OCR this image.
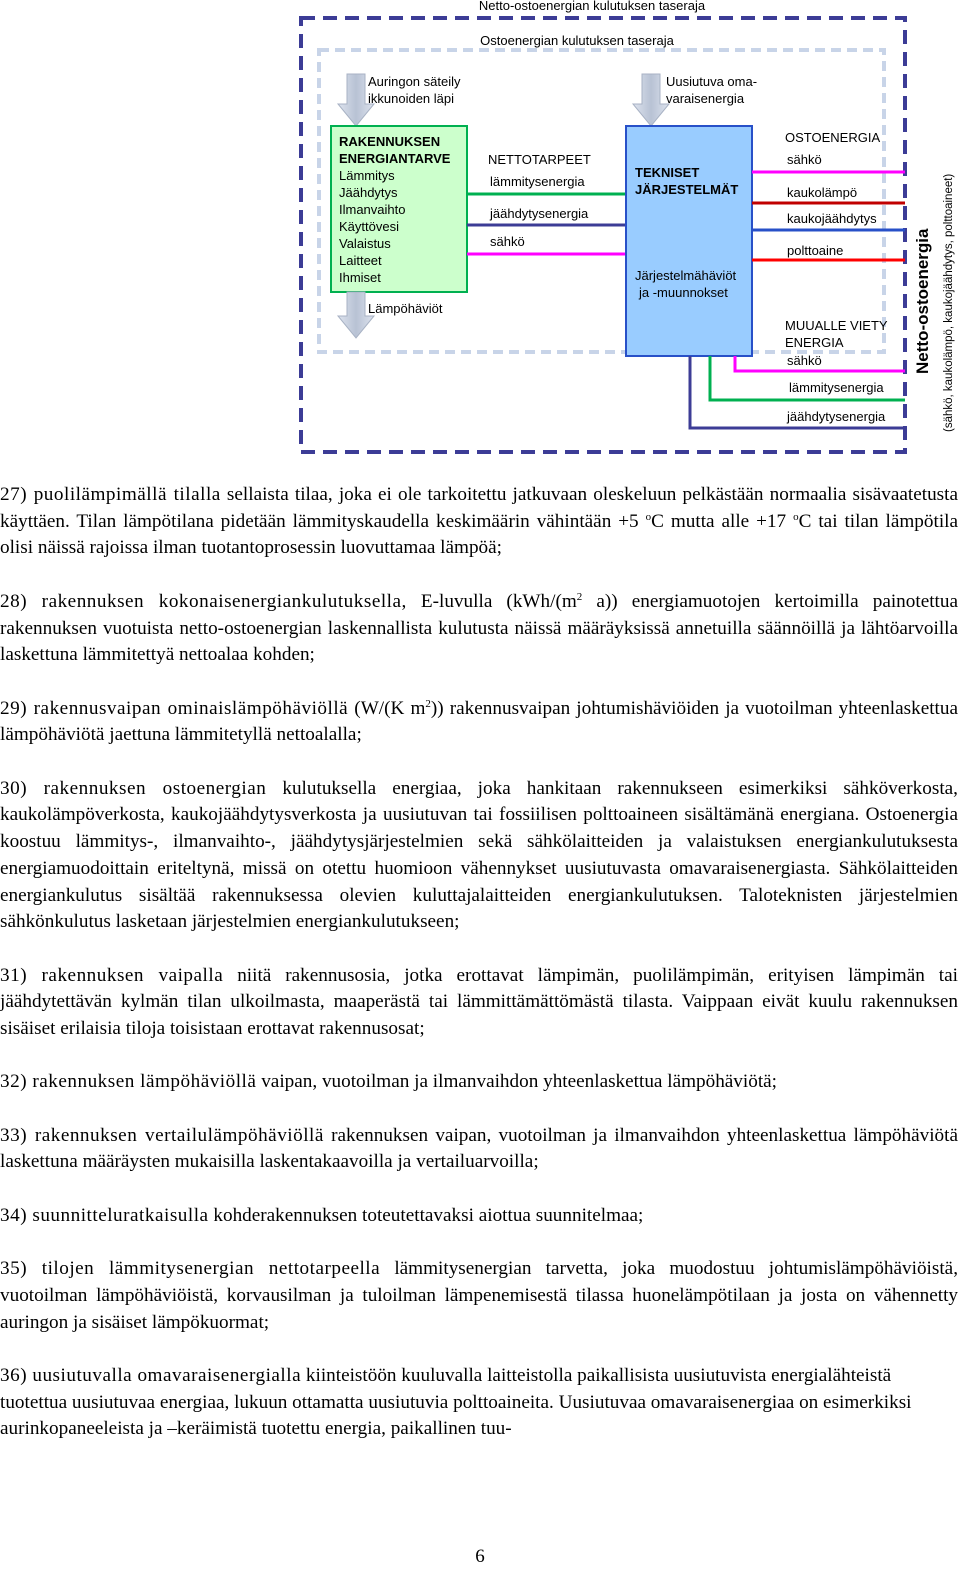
Netto-ostoenergian kulutuksen taseraja
Ostoenergian kulutuksen taseraja
Auringon säteily
ikkunoiden läpi
Uusiutuva oma-
varaisenergia
RAKENNUKSEN
ENERGIANTARVE
Lämmitys
Jäähdytys
Ilmanvaihto
Käyttövesi
Valaistus
Laitteet
Ihmiset
Lämpöhäviöt
NETTOTARPEET
lämmitysenergia
jäähdytysenergia
sähkö
TEKNISET
JÄRJESTELMÄT
Järjestelmähäviöt
ja -muunnokset
OSTOENERGIA
sähkö
kaukolämpö
kaukojäähdytys
polttoaine
MUUALLE VIETY
ENERGIA
sähkö
lämmitysenergia
jäähdytysenergia
Netto-ostoenergia (sähkö, kaukolämpö, kaukojäähdytys, polttoaineet)

27) puolilämpimällä tilalla sellaista tilaa, joka ei ole tarkoitettu jatkuvaan oleskeluun pelkästään normaalia sisävaatetusta käyttäen. Tilan lämpötilana pidetään lämmityskaudella keskimäärin vähintään +5 $^o$C mutta alle +17 $^o$C tai tilan lämpötila olisi näissä rajoissa ilman tuotantoprosessin luovuttamaa lämpöä;

28) rakennuksen kokonaisenergiankulutuksella, E-luvulla ($kWh/(m^2$ a)) energiamuotojen kertoimilla painotettua rakennuksen vuotuista netto-ostoenergian laskennallista kulutusta näissä määräyksissä annetuilla säännöillä ja lähtöarvoilla laskettuna lämmitettyä nettoalaa kohden;

29) rakennusvaipan ominaislämpöhäviöllä (W/(K $m^2$)) rakennusvaipan johtumishäviöiden ja vuotoilman yhteenlaskettua lämpöhäviötä jaettuna lämmitetyllä nettoalalla;

30) rakennuksen ostoenergian kulutuksella energiaa, joka hankitaan rakennukseen esimerkiksi sähköverkosta, kaukolämpöverkosta, kaukojäähdytysverkosta ja uusiutuvan tai fossiilisen polttoaineen sisältämänä energiana. Ostoenergia koostuu lämmitys-, ilmanvaihto-, jäähdytysjärjestelmien sekä sähkölaitteiden ja valaistuksen energiankulutuksesta energiamuodoittain eriteltynä, missä on otettu huomioon vähennykset uusiutuvasta omavaraisenergiasta. Sähkölaitteiden energiankulutus sisältää rakennuksessa olevien kuluttajalaitteiden energiankulutuksen. Taloteknisten järjestelmien sähkönkulutus lasketaan järjestelmien energiankulutukseen;

31) rakennuksen vaipalla niitä rakennusosia, jotka erottavat lämpimän, puolilämpimän, erityisen lämpimän tai jäähdytettävän kylmän tilan ulkoilmasta, maaperästä tai lämmittämättömästä tilasta. Vaippaan eivät kuulu rakennuksen sisäiset erilaisia tiloja toisistaan erottavat rakennusosat;

32) rakennuksen lämpöhäviöllä vaipan, vuotoilman ja ilmanvaihdon yhteenlaskettua lämpöhäviötä;

33) rakennuksen vertailulämpöhäviöllä rakennuksen vaipan, vuotoilman ja ilmanvaihdon yhteenlaskettua lämpöhäviötä laskettuna määräysten mukaisilla laskentakaavoilla ja vertailuarvoilla;

34) suunnitteluratkaisulla kohderakennuksen toteutettavaksi aiottua suunnitelmaa;

35) tilojen lämmitysenergian nettotarpeella lämmitysenergian tarvetta, joka muodostuu johtumislämpöhäviöistä, vuotoilman lämpöhäviöistä, korvausilman ja tuloilman lämpenemisestä tilassa huonelämpötilaan ja josta on vähennetty auringon ja sisäiset lämpökuormat;

36) uusiutuvalla omavaraisenergialla kiinteistöön kuuluvalla laitteistolla paikallisista uusiutuvista energialähteistä tuotettua uusiutuvaa energiaa, lukuun ottamatta uusiutuvia polttoaineita. Uusiutuvaa omavaraisenergiaa on esimerkiksi aurinkopaneeleista ja –keräimistä tuotettu energia, paikallinen tuu-

6
